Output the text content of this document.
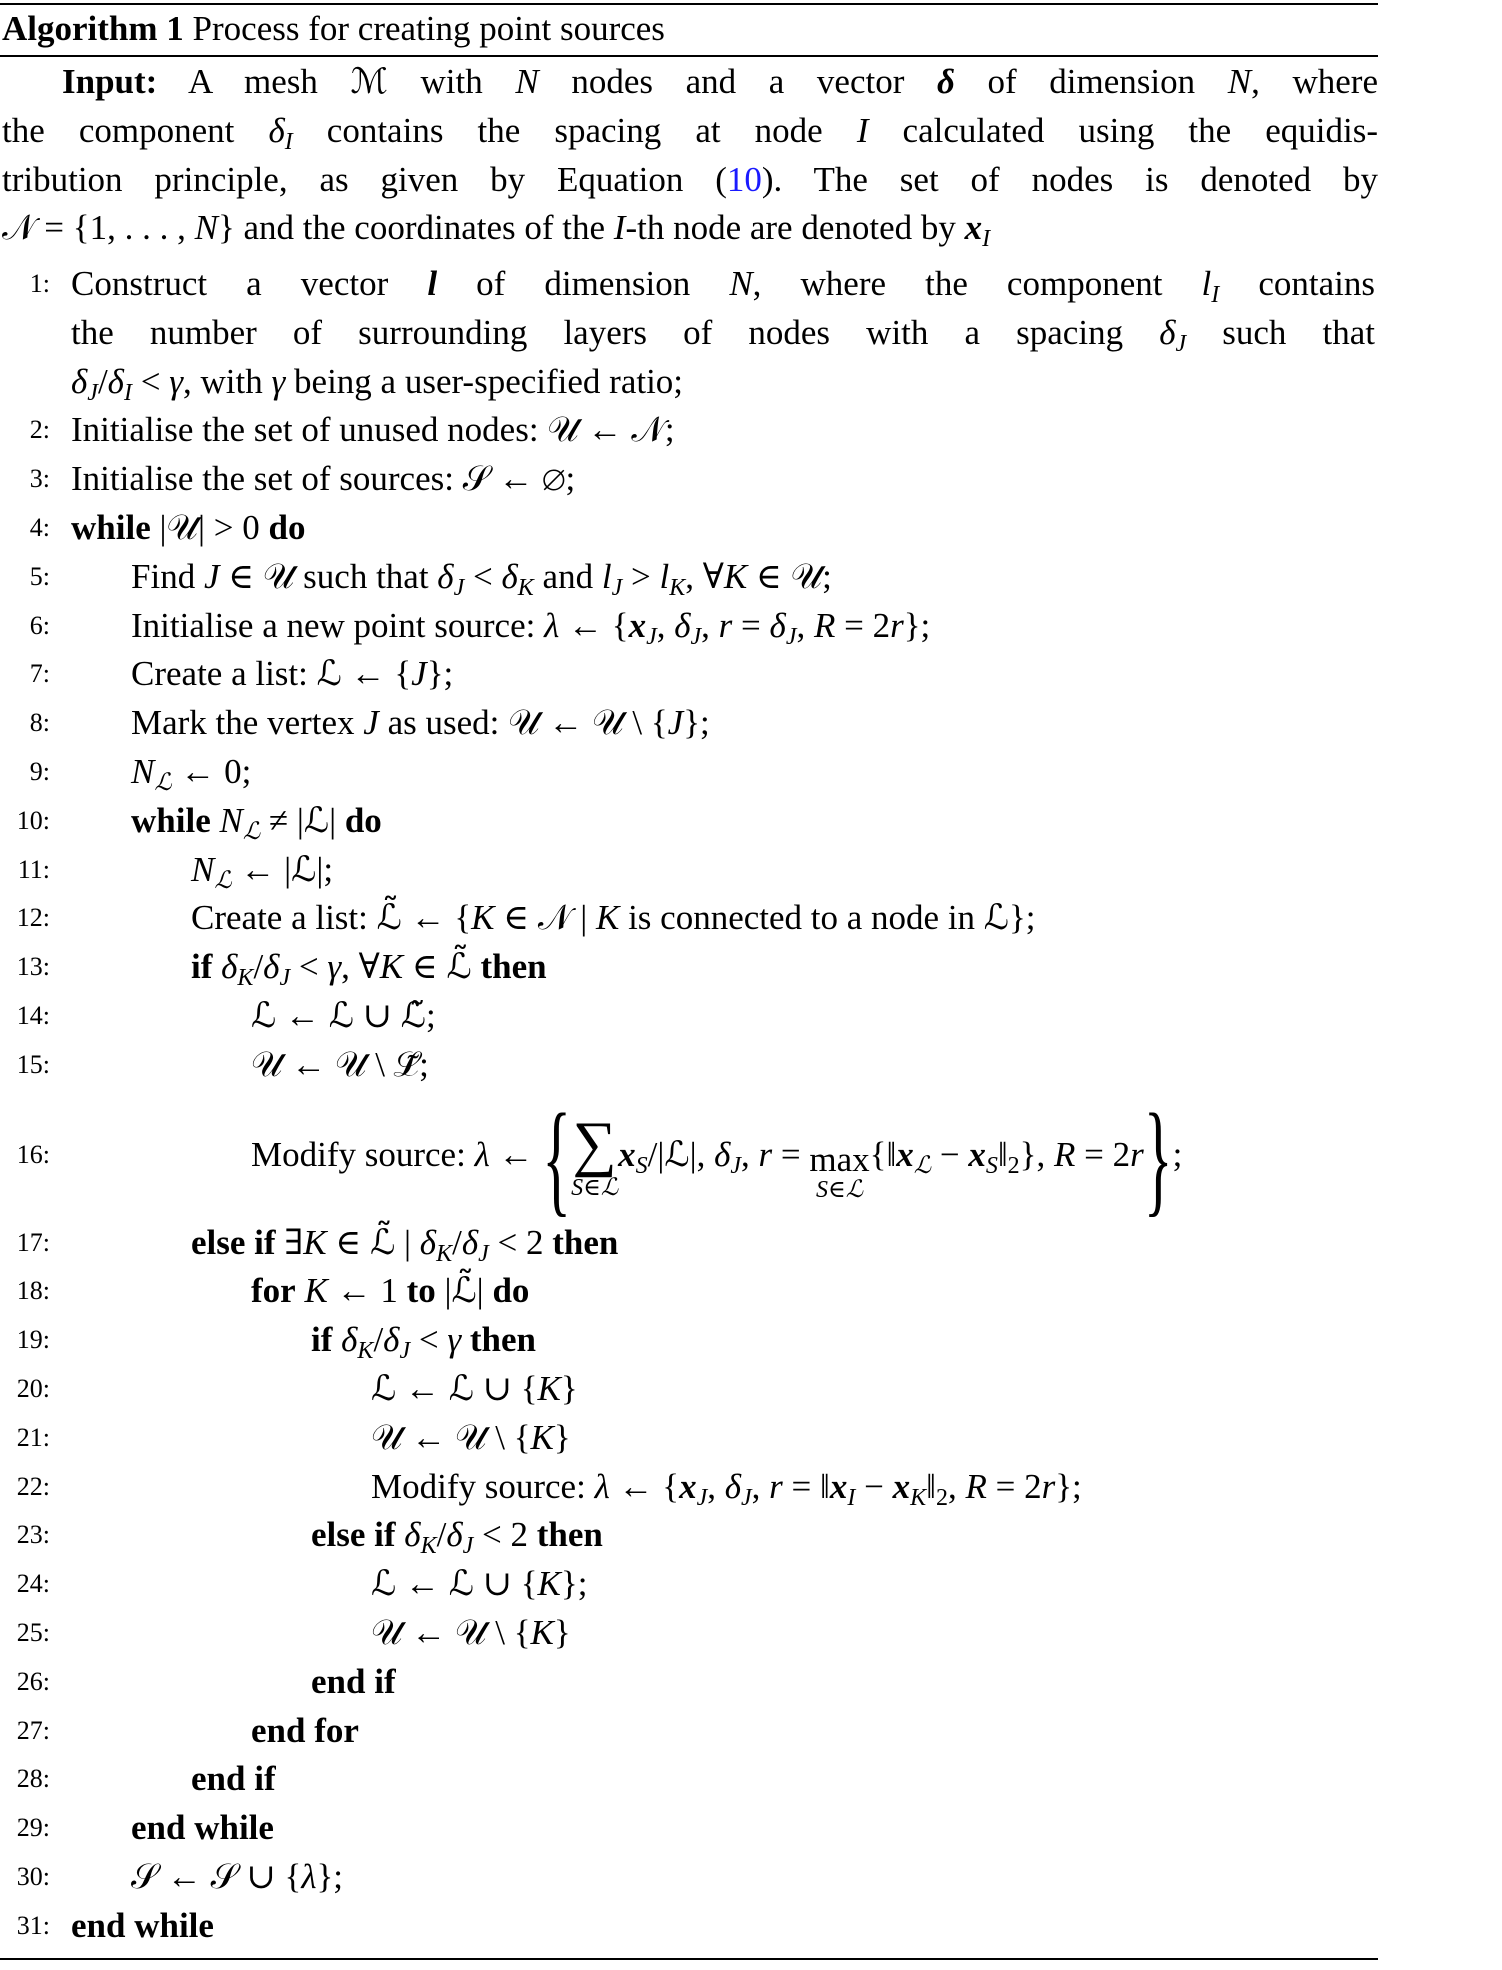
Algorithm 1 Process for creating point sources
Input: A mesh ℳ with N nodes and a vector δ of dimension N, where
the component $\delta_I$ contains the spacing at node I calculated using the equidis-
tribution principle, as given by Equation (10). The set of nodes is denoted by
𝒩 = {1, . . . , N} and the coordinates of the I-th node are denoted by $x_I$
1: Construct a vector l of dimension N, where the component $l_I$ contains
the number of surrounding layers of nodes with a spacing $\delta_J$ such that
$\delta_J/\delta_I < \gamma$, with γ being a user-specified ratio;
2: Initialise the set of unused nodes: 𝒰 ← 𝒩;
3: Initialise the set of sources: 𝒮 ← ∅;
4: while |𝒰| > 0 do
5: Find J ∈ 𝒰 such that $\delta_J < \delta_K$ and $l_J > l_K$, ∀K ∈ 𝒰;
6: Initialise a new point source: λ ← {$x_J$, $\delta_J$, $r = \delta_J$, R = 2r};
7: Create a list: ℒ ← {J};
8: Mark the vertex J as used: 𝒰 ← 𝒰 \ {J};
9: $N_ℒ$ ← 0;
10: while $N_ℒ$ ≠ |ℒ| do
11:	$N_ℒ$ ← |ℒ|;
12:	Create a list: ℒ̃ ← {K ∈ 𝒩 | K is connected to a node in ℒ};
13:	if $\delta_K/\delta_J < \gamma$, ∀K ∈ ℒ̃ then
14:	ℒ ← ℒ ∪ ℒ̃;
15:	𝒰 ← 𝒰 \ ℒ̃;
16:	Modify source: λ ← { ∑
S∈ℒ
$x_S/|ℒ|$, $\delta_J$, r = max
S∈ℒ
{$‖x_ℒ$ − $x_S‖_2$}, R = 2r};
17:	else if ∃K ∈ ℒ̃ | $\delta_K/\delta_J < 2$ then
18:	for K ← 1 to |ℒ̃| do
19:	if $\delta_K/\delta_J < \gamma$ then
20:	ℒ ← ℒ ∪ {K}
21:	𝒰 ← 𝒰 \ {K}
22:	Modify source: λ ← {$x_J$, $\delta_J$, $r = ‖x_I$ − $x_K‖_2$, R = 2r};
23:	else if $\delta_K/\delta_J < 2$ then
24:	ℒ ← ℒ ∪ {K};
25:	𝒰 ← 𝒰 \ {K}
26:	end if
27:	end for
28:	end if
29: end while
30: 𝒮 ← 𝒮 ∪ {λ};
31: end while
